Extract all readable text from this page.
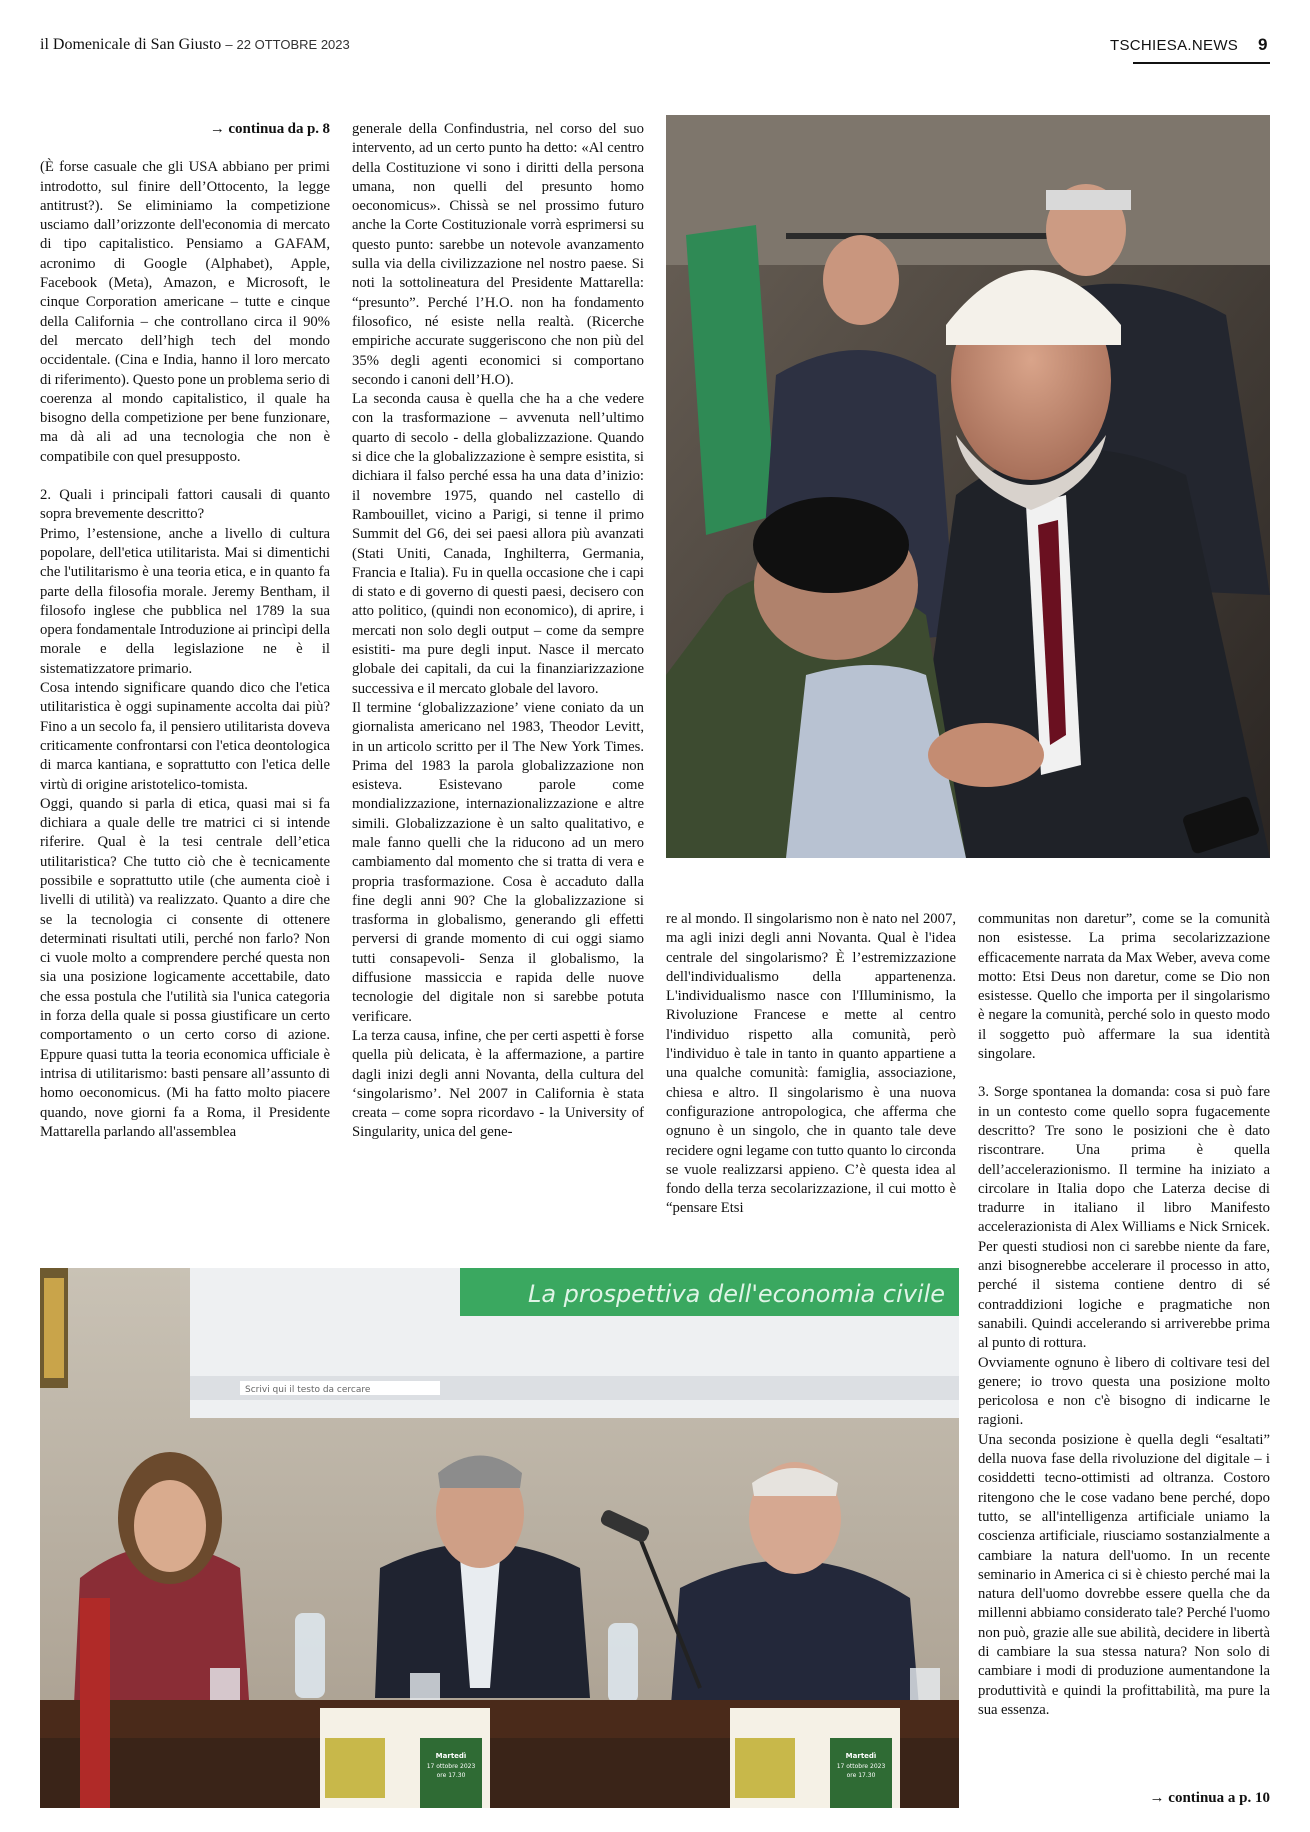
il Domenicale di San Giusto – 22 OTTOBRE 2023	TSCHIESA.NEWS 9

→ continua da p. 8

(È forse casuale che gli USA abbiano per primi introdotto, sul finire dell’Ottocento, la legge antitrust?). Se eliminiamo la competizione usciamo dall’orizzonte dell'economia di mercato di tipo capitalistico. Pensiamo a GAFAM, acronimo di Google (Alphabet), Apple, Facebook (Meta), Amazon, e Microsoft, le cinque Corporation americane – tutte e cinque della California – che controllano circa il 90% del mercato dell’high tech del mondo occidentale. (Cina e India, hanno il loro mercato di riferimento). Questo pone un problema serio di coerenza al mondo capitalistico, il quale ha bisogno della competizione per bene funzionare, ma dà ali ad una tecnologia che non è compatibile con quel presupposto.

2. Quali i principali fattori causali di quanto sopra brevemente descritto?

Primo, l’estensione, anche a livello di cultura popolare, dell'etica utilitarista. Mai si dimentichi che l'utilitarismo è una teoria etica, e in quanto fa parte della filosofia morale. Jeremy Bentham, il filosofo inglese che pubblica nel 1789 la sua opera fondamentale Introduzione ai princìpi della morale e della legislazione ne è il sistematizzatore primario.

Cosa intendo significare quando dico che l'etica utilitaristica è oggi supinamente accolta dai più? Fino a un secolo fa, il pensiero utilitarista doveva criticamente confrontarsi con l'etica deontologica di marca kantiana, e soprattutto con l'etica delle virtù di origine aristotelico-tomista.

Oggi, quando si parla di etica, quasi mai si fa dichiara a quale delle tre matrici ci si intende riferire. Qual è la tesi centrale dell’etica utilitaristica? Che tutto ciò che è tecnicamente possibile e soprattutto utile (che aumenta cioè i livelli di utilità) va realizzato. Quanto a dire che se la tecnologia ci consente di ottenere determinati risultati utili, perché non farlo? Non ci vuole molto a comprendere perché questa non sia una posizione logicamente accettabile, dato che essa postula che l'utilità sia l'unica categoria in forza della quale si possa giustificare un certo comportamento o un certo corso di azione. Eppure quasi tutta la teoria economica ufficiale è intrisa di utilitarismo: basti pensare all’assunto di homo oeconomicus. (Mi ha fatto molto piacere quando, nove giorni fa a Roma, il Presidente Mattarella parlando all'assemblea

generale della Confindustria, nel corso del suo intervento, ad un certo punto ha detto: «Al centro della Costituzione vi sono i diritti della persona umana, non quelli del presunto homo oeconomicus». Chissà se nel prossimo futuro anche la Corte Costituzionale vorrà esprimersi su questo punto: sarebbe un notevole avanzamento sulla via della civilizzazione nel nostro paese. Si noti la sottolineatura del Presidente Mattarella: “presunto”. Perché l’H.O. non ha fondamento filosofico, né esiste nella realtà. (Ricerche empiriche accurate suggeriscono che non più del 35% degli agenti economici si comportano secondo i canoni dell’H.O).

La seconda causa è quella che ha a che vedere con la trasformazione – avvenuta nell’ultimo quarto di secolo - della globalizzazione. Quando si dice che la globalizzazione è sempre esistita, si dichiara il falso perché essa ha una data d’inizio: il novembre 1975, quando nel castello di Rambouillet, vicino a Parigi, si tenne il primo Summit del G6, dei sei paesi allora più avanzati (Stati Uniti, Canada, Inghilterra, Germania, Francia e Italia). Fu in quella occasione che i capi di stato e di governo di questi paesi, decisero con atto politico, (quindi non economico), di aprire, i mercati non solo degli output – come da sempre esistiti- ma pure degli input. Nasce il mercato globale dei capitali, da cui la finanziarizzazione successiva e il mercato globale del lavoro.

Il termine ‘globalizzazione’ viene coniato da un giornalista americano nel 1983, Theodor Levitt, in un articolo scritto per il The New York Times. Prima del 1983 la parola globalizzazione non esisteva. Esistevano parole come mondializzazione, internazionalizzazione e altre simili. Globalizzazione è un salto qualitativo, e male fanno quelli che la riducono ad un mero cambiamento dal momento che si tratta di vera e propria trasformazione. Cosa è accaduto dalla fine degli anni 90? Che la globalizzazione si trasforma in globalismo, generando gli effetti perversi di grande momento di cui oggi siamo tutti consapevoli- Senza il globalismo, la diffusione massiccia e rapida delle nuove tecnologie del digitale non si sarebbe potuta verificare.

La terza causa, infine, che per certi aspetti è forse quella più delicata, è la affermazione, a partire dagli inizi degli anni Novanta, della cultura del ‘singolarismo’. Nel 2007 in California è stata creata – come sopra ricordavo - la University of Singularity, unica del gene-

re al mondo. Il singolarismo non è nato nel 2007, ma agli inizi degli anni Novanta. Qual è l'idea centrale del singolarismo? È l’estremizzazione dell'individualismo della appartenenza. L'individualismo nasce con l'Illuminismo, la Rivoluzione Francese e mette al centro l'individuo rispetto alla comunità, però l'individuo è tale in tanto in quanto appartiene a una qualche comunità: famiglia, associazione, chiesa e altro. Il singolarismo è una nuova configurazione antropologica, che afferma che ognuno è un singolo, che in quanto tale deve recidere ogni legame con tutto quanto lo circonda se vuole realizzarsi appieno. C’è questa idea al fondo della terza secolarizzazione, il cui motto è “pensare Etsi

communitas non daretur”, come se la comunità non esistesse. La prima secolarizzazione efficacemente narrata da Max Weber, aveva come motto: Etsi Deus non daretur, come se Dio non esistesse. Quello che importa per il singolarismo è negare la comunità, perché solo in questo modo il soggetto può affermare la sua identità singolare.

3. Sorge spontanea la domanda: cosa si può fare in un contesto come quello sopra fugacemente descritto? Tre sono le posizioni che è dato riscontrare. Una prima è quella dell’accelerazionismo. Il termine ha iniziato a circolare in Italia dopo che Laterza decise di tradurre in italiano il libro Manifesto accelerazionista di Alex Williams e Nick Srnicek. Per questi studiosi non ci sarebbe niente da fare, anzi bisognerebbe accelerare il processo in atto, perché il sistema contiene dentro di sé contraddizioni logiche e pragmatiche non sanabili. Quindi accelerando si arriverebbe prima al punto di rottura.

Ovviamente ognuno è libero di coltivare tesi del genere; io trovo questa una posizione molto pericolosa e non c'è bisogno di indicarne le ragioni.

Una seconda posizione è quella degli “esaltati” della nuova fase della rivoluzione del digitale – i cosiddetti tecno-ottimisti ad oltranza. Costoro ritengono che le cose vadano bene perché, dopo tutto, se all'intelligenza artificiale uniamo la coscienza artificiale, riusciamo sostanzialmente a cambiare la natura dell'uomo. In un recente seminario in America ci si è chiesto perché mai la natura dell'uomo dovrebbe essere quella che da millenni abbiamo considerato tale? Perché l'uomo non può, grazie alle sue abilità, decidere in libertà di cambiare la sua stessa natura? Non solo di cambiare i modi di produzione aumentandone la produttività e quindi la profittabilità, ma pure la sua essenza.

→ continua a p. 10
La prospettiva dell'economia civile
Scrivi qui il testo da cercare
Martedì
17 ottobre 2023
ore 17.30
Martedì
17 ottobre 2023
ore 17.30
